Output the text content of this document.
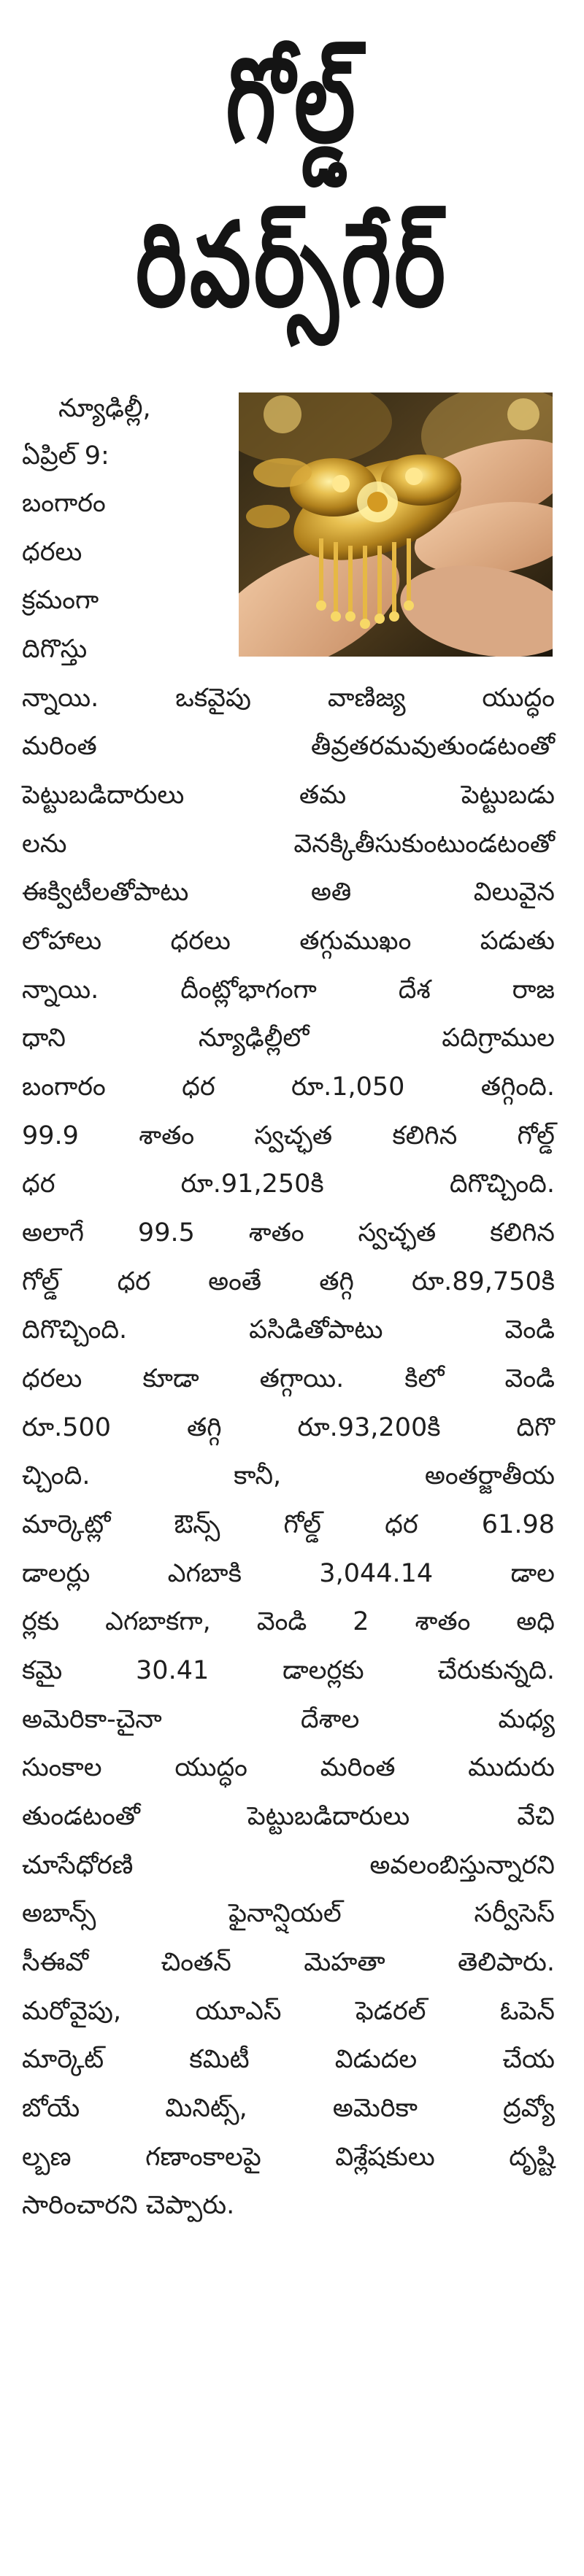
గోల్డ్
రివర్స్‌గేర్
న్యూఢిల్లీ,
ఏప్రిల్ 9:
బంగారం
ధరలు
క్రమంగా
దిగొస్తు
న్నాయి. ఒకవైపు వాణిజ్య యుద్ధం
మరింత తీవ్రతరమవుతుండటంతో
పెట్టుబడిదారులు తమ పెట్టుబడు
లను వెనక్కితీసుకుంటుండటంతో
ఈక్విటీలతోపాటు అతి విలువైన
లోహాలు ధరలు తగ్గుముఖం పడుతు
న్నాయి. దీంట్లోభాగంగా దేశ రాజ
ధాని న్యూఢిల్లీలో పదిగ్రాముల
బంగారం ధర రూ.1,050 తగ్గింది.
99.9 శాతం స్వచ్ఛత కలిగిన గోల్డ్
ధర రూ.91,250కి దిగొచ్చింది.
అలాగే 99.5 శాతం స్వచ్ఛత కలిగిన
గోల్డ్ ధర అంతే తగ్గి రూ.89,750కి
దిగొచ్చింది. పసిడితోపాటు వెండి
ధరలు కూడా తగ్గాయి. కిలో వెండి
రూ.500 తగ్గి రూ.93,200కి దిగొ
చ్చింది. కానీ, అంతర్జాతీయ
మార్కెట్లో ఔన్స్ గోల్డ్ ధర 61.98
డాలర్లు ఎగబాకి 3,044.14 డాల
ర్లకు ఎగబాకగా, వెండి 2 శాతం అధి
కమై 30.41 డాలర్లకు చేరుకున్నది.
అమెరికా-చైనా దేశాల మధ్య
సుంకాల యుద్ధం మరింత ముదురు
తుండటంతో పెట్టుబడిదారులు వేచి
చూసేధోరణి అవలంబిస్తున్నారని
అబాన్స్ ఫైనాన్షియల్ సర్వీసెస్
సీఈవో చింతన్ మెహతా తెలిపారు.
మరోవైపు, యూఎస్ ఫెడరల్ ఓపెన్
మార్కెట్ కమిటీ విడుదల చేయ
బోయే మినిట్స్, అమెరికా ద్రవ్యో
ల్బణ గణాంకాలపై విశ్లేషకులు దృష్టి
సారించారని చెప్పారు.
